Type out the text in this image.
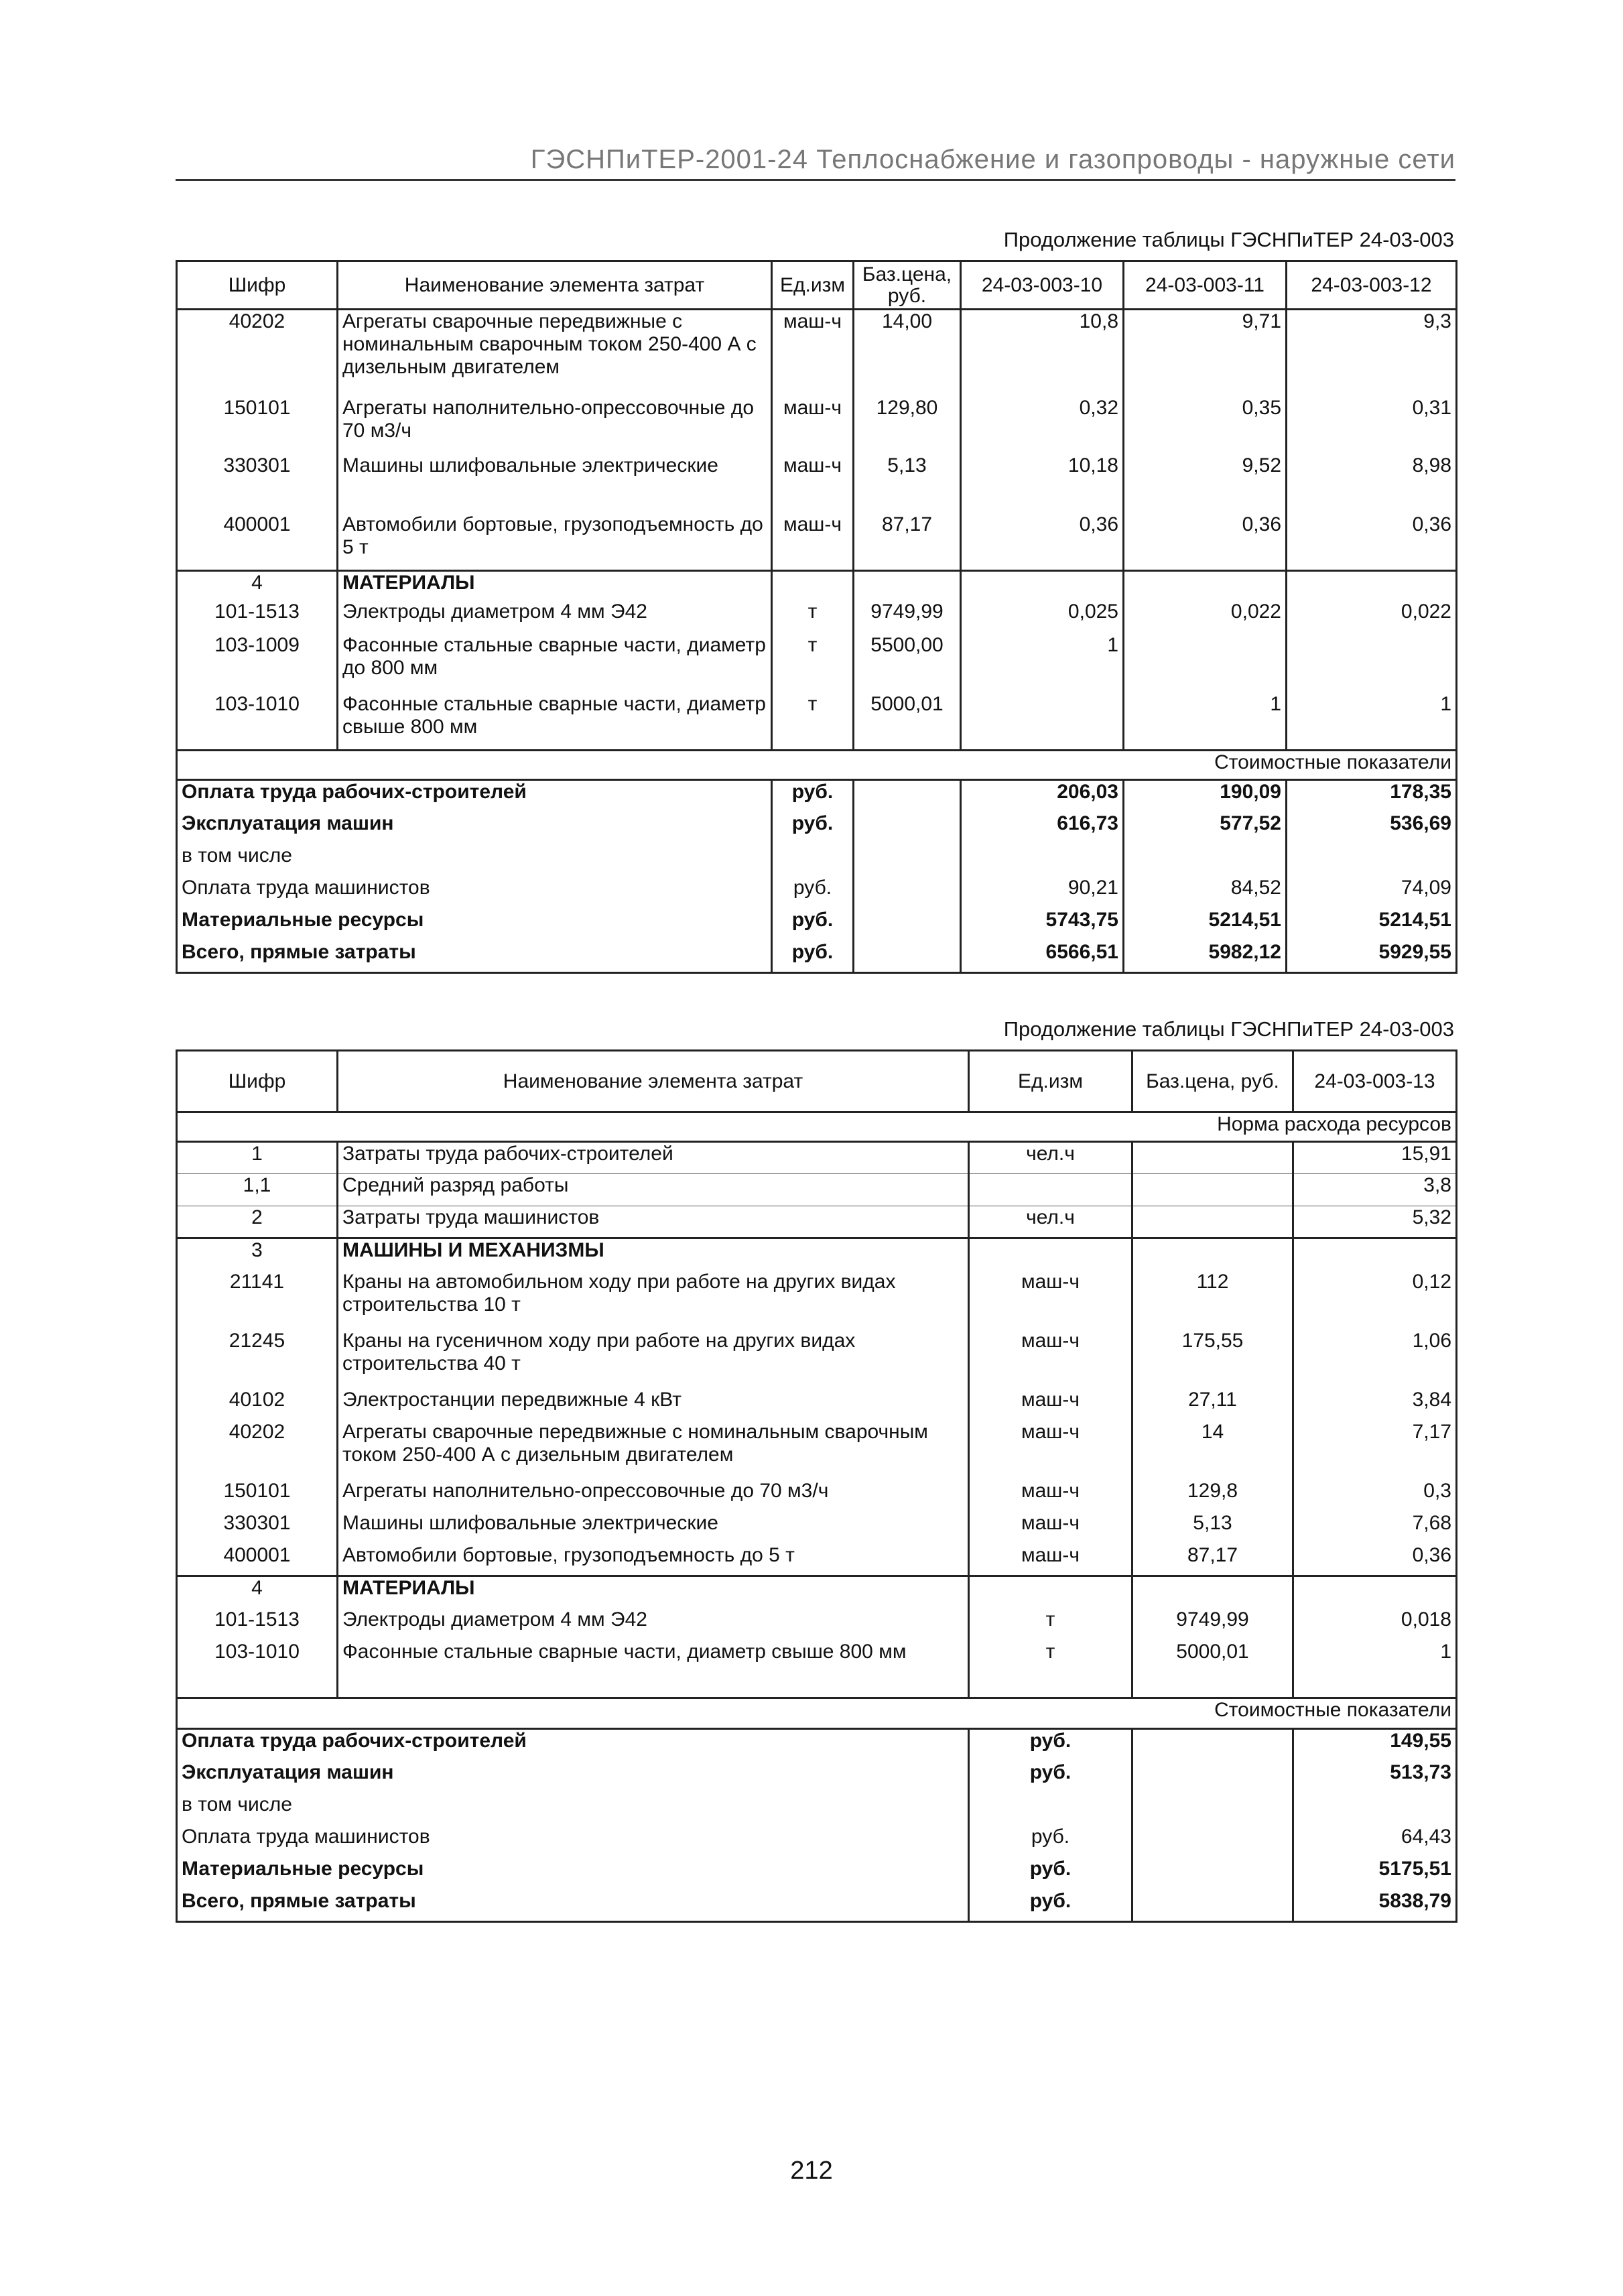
ГЭСНПиТЕР-2001-24 Теплоснабжение и газопроводы - наружные сети
Продолжение таблицы ГЭСНПиТЕР 24-03-003
Шифр	Наименование элемента затрат	Ед.изм	Баз.цена, руб.	24-03-003-10	24-03-003-11	24-03-003-12
40202	Агрегаты сварочные передвижные с номинальным сварочным током 250-400 А с дизельным двигателем	маш-ч	14,00	10,8	9,71	9,3
150101	Агрегаты наполнительно-опрессовочные до 70 м3/ч	маш-ч	129,80	0,32	0,35	0,31
330301	Машины шлифовальные электрические	маш-ч	5,13	10,18	9,52	8,98
400001	Автомобили бортовые, грузоподъемность до 5 т	маш-ч	87,17	0,36	0,36	0,36
4	МАТЕРИАЛЫ					
101-1513	Электроды диаметром 4 мм Э42	т	9749,99	0,025	0,022	0,022
103-1009	Фасонные стальные сварные части, диаметр до 800 мм	т	5500,00	1		
103-1010	Фасонные стальные сварные части, диаметр свыше 800 мм	т	5000,01		1	1
Стоимостные показатели						
Оплата труда рабочих-строителей		руб.		206,03	190,09	178,35
Эксплуатация машин		руб.		616,73	577,52	536,69
в том числе						
Оплата труда машинистов		руб.		90,21	84,52	74,09
Материальные ресурсы		руб.		5743,75	5214,51	5214,51
Всего, прямые затраты		руб.		6566,51	5982,12	5929,55
Продолжение таблицы ГЭСНПиТЕР 24-03-003
Шифр	Наименование элемента затрат	Ед.изм	Баз.цена, руб.	24-03-003-13
Норма расхода ресурсов				
1	Затраты труда рабочих-строителей	чел.ч		15,91
1,1	Средний разряд работы			3,8
2	Затраты труда машинистов	чел.ч		5,32
3	МАШИНЫ И МЕХАНИЗМЫ			
21141	Краны на автомобильном ходу при работе на других видах строительства 10 т	маш-ч	112	0,12
21245	Краны на гусеничном ходу при работе на других видах строительства 40 т	маш-ч	175,55	1,06
40102	Электростанции передвижные 4 кВт	маш-ч	27,11	3,84
40202	Агрегаты сварочные передвижные с номинальным сварочным током 250-400 А с дизельным двигателем	маш-ч	14	7,17
150101	Агрегаты наполнительно-опрессовочные до 70 м3/ч	маш-ч	129,8	0,3
330301	Машины шлифовальные электрические	маш-ч	5,13	7,68
400001	Автомобили бортовые, грузоподъемность до 5 т	маш-ч	87,17	0,36
4	МАТЕРИАЛЫ			
101-1513	Электроды диаметром 4 мм Э42	т	9749,99	0,018
103-1010	Фасонные стальные сварные части, диаметр свыше 800 мм	т	5000,01	1
Стоимостные показатели				
Оплата труда рабочих-строителей		руб.		149,55
Эксплуатация машин		руб.		513,73
в том числе				
Оплата труда машинистов		руб.		64,43
Материальные ресурсы		руб.		5175,51
Всего, прямые затраты		руб.		5838,79
212
